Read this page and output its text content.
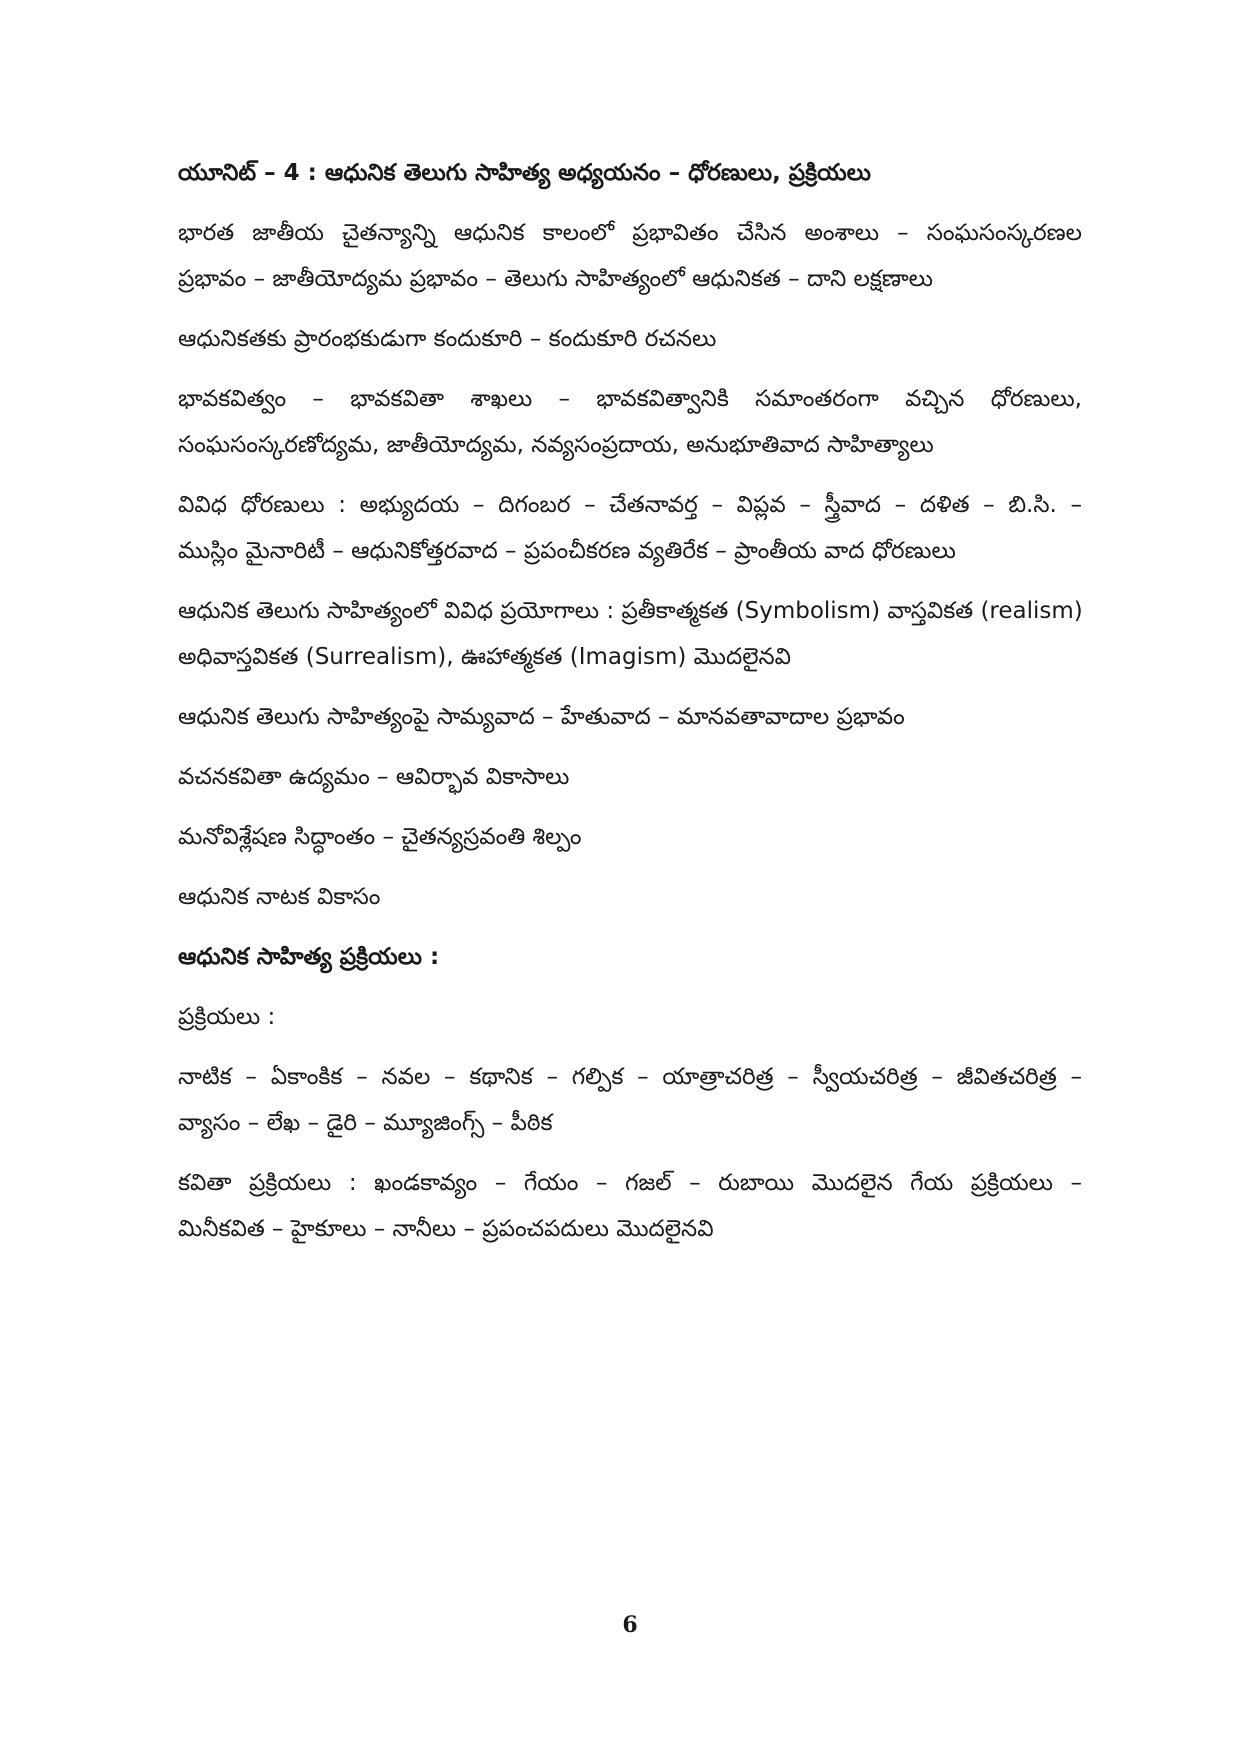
యూనిట్ – 4 : ఆధునిక తెలుగు సాహిత్య అధ్యయనం – ధోరణులు, ప్రక్రియలు
భారత జాతీయ చైతన్యాన్ని ఆధునిక కాలంలో ప్రభావితం చేసిన అంశాలు – సంఘసంస్కరణల
ప్రభావం – జాతీయోద్యమ ప్రభావం – తెలుగు సాహిత్యంలో ఆధునికత – దాని లక్షణాలు
ఆధునికతకు ప్రారంభకుడుగా కందుకూరి – కందుకూరి రచనలు
భావకవిత్వం – భావకవితా శాఖలు – భావకవిత్వానికి సమాంతరంగా వచ్చిన ధోరణులు,
సంఘసంస్కరణోద్యమ, జాతీయోద్యమ, నవ్యసంప్రదాయ, అనుభూతివాద సాహిత్యాలు
వివిధ ధోరణులు : అభ్యుదయ – దిగంబర – చేతనావర్త – విప్లవ – స్త్రీవాద – దళిత – బి.సి. –
ముస్లిం మైనారిటీ – ఆధునికోత్తరవాద – ప్రపంచీకరణ వ్యతిరేక – ప్రాంతీయ వాద ధోరణులు
ఆధునిక తెలుగు సాహిత్యంలో వివిధ ప్రయోగాలు : ప్రతీకాత్మకత (Symbolism) వాస్తవికత (realism)
అధివాస్తవికత (Surrealism), ఊహాత్మకత (Imagism) మొదలైనవి
ఆధునిక తెలుగు సాహిత్యంపై సామ్యవాద – హేతువాద – మానవతావాదాల ప్రభావం
వచనకవితా ఉద్యమం – ఆవిర్భావ వికాసాలు
మనోవిశ్లేషణ సిద్ధాంతం – చైతన్యస్రవంతి శిల్పం
ఆధునిక నాటక వికాసం
ఆధునిక సాహిత్య ప్రక్రియలు :
ప్రక్రియలు :
నాటిక – ఏకాంకిక – నవల – కథానిక – గల్పిక – యాత్రాచరిత్ర – స్వీయచరిత్ర – జీవితచరిత్ర –
వ్యాసం – లేఖ – డైరి – మ్యూజింగ్స్ – పీఠిక
కవితా ప్రక్రియలు : ఖండకావ్యం – గేయం – గజల్ – రుబాయి మొదలైన గేయ ప్రక్రియలు –
మినీకవిత – హైకూలు – నానీలు – ప్రపంచపదులు మొదలైనవి
6
